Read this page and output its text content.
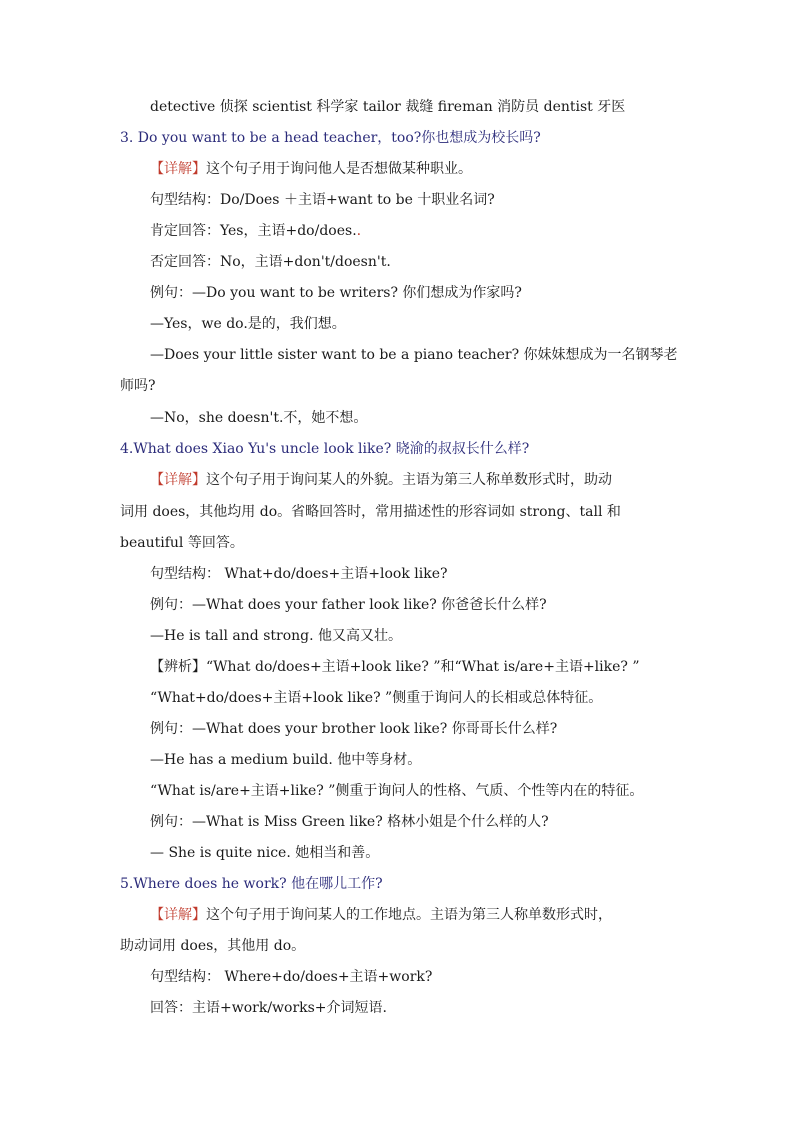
detective 侦探 scientist 科学家 tailor 裁缝 fireman 消防员 dentist 牙医
3. Do you want to be a head teacher，too?你也想成为校长吗?
【详解】这个句子用于询问他人是否想做某种职业。
句型结构：Do/Does ＋主语+want to be 十职业名词?
肯定回答：Yes，主语+do/does..
否定回答：No，主语+don't/doesn't.
例句：—Do you want to be writers? 你们想成为作家吗?
—Yes，we do.是的，我们想。
—Does your little sister want to be a piano teacher? 你妹妹想成为一名钢琴老
师吗?
—No，she doesn't.不，她不想。
4.What does Xiao Yu's uncle look like? 晓渝的叔叔长什么样?
【详解】这个句子用于询问某人的外貌。主语为第三人称单数形式时，助动
词用 does，其他均用 do。省略回答时，常用描述性的形容词如 strong、tall 和
beautiful 等回答。
句型结构： What+do/does+主语+look like?
例句：—What does your father look like? 你爸爸长什么样?
—He is tall and strong. 他又高又壮。
【辨析】“What do/does+主语+look like? ”和“What is/are+主语+like? ”
“What+do/does+主语+look like? ”侧重于询问人的长相或总体特征。
例句：—What does your brother look like? 你哥哥长什么样?
—He has a medium build. 他中等身材。
“What is/are+主语+like? ”侧重于询问人的性格、气质、个性等内在的特征。
例句：—What is Miss Green like? 格林小姐是个什么样的人?
— She is quite nice. 她相当和善。
5.Where does he work? 他在哪儿工作?
【详解】这个句子用于询问某人的工作地点。主语为第三人称单数形式时，
助动词用 does，其他用 do。
句型结构： Where+do/does+主语+work?
回答：主语+work/works+介词短语.
